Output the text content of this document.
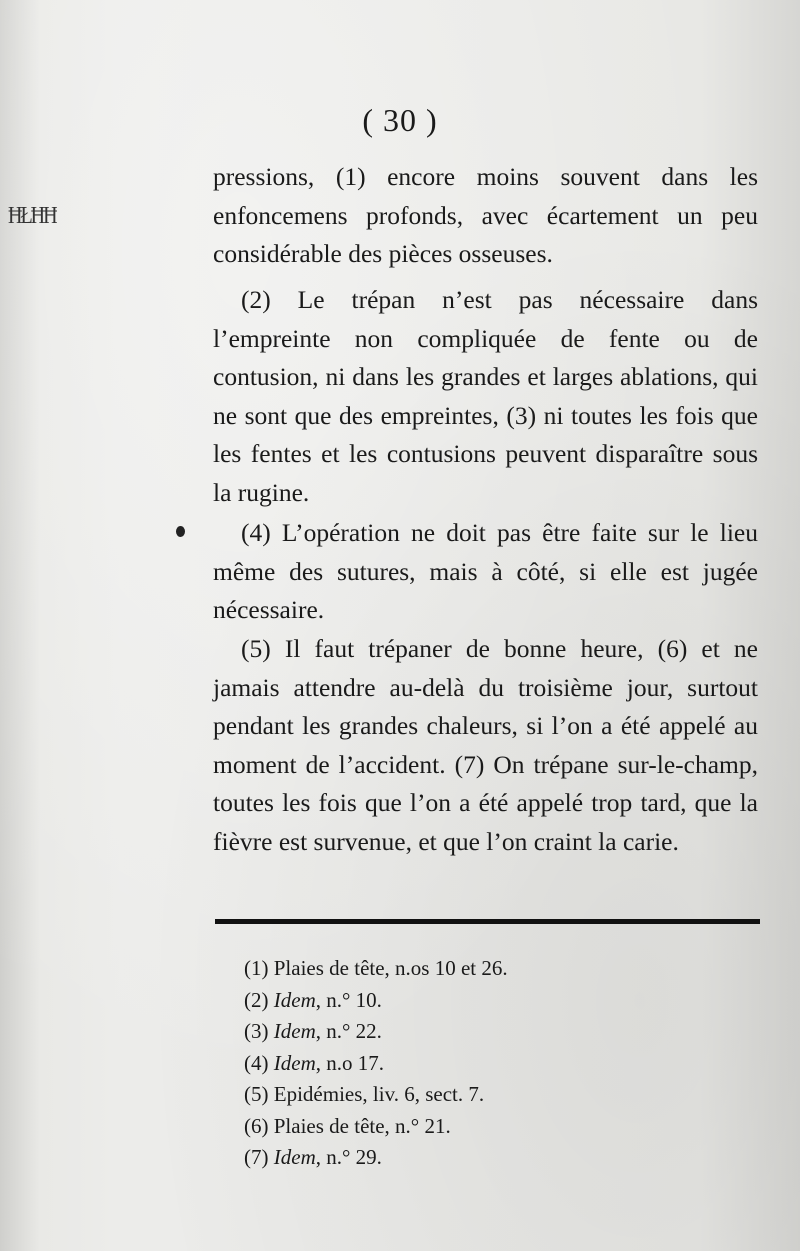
ĦŁĦĦ
( 30 )

pressions, (1) encore moins souvent dans les enfoncemens profonds, avec écartement un peu considérable des pièces osseuses.

(2) Le trépan n’est pas nécessaire dans l’empreinte non compliquée de fente ou de contusion, ni dans les grandes et larges ablations, qui ne sont que des empreintes, (3) ni toutes les fois que les fentes et les contusions peuvent disparaître sous la rugine.

(4) L’opération ne doit pas être faite sur le lieu même des sutures, mais à côté, si elle est jugée nécessaire.

(5) Il faut trépaner de bonne heure, (6) et ne jamais attendre au-delà du troisième jour, surtout pendant les grandes chaleurs, si l’on a été appelé au moment de l’accident. (7) On trépane sur-le-champ, toutes les fois que l’on a été appelé trop tard, que la fièvre est survenue, et que l’on craint la carie.

(1) Plaies de tête, n.os 10 et 26.
(2) Idem, n.° 10.
(3) Idem, n.° 22.
(4) Idem, n.o 17.
(5) Epidémies, liv. 6, sect. 7.
(6) Plaies de tête, n.° 21.
(7) Idem, n.° 29.
